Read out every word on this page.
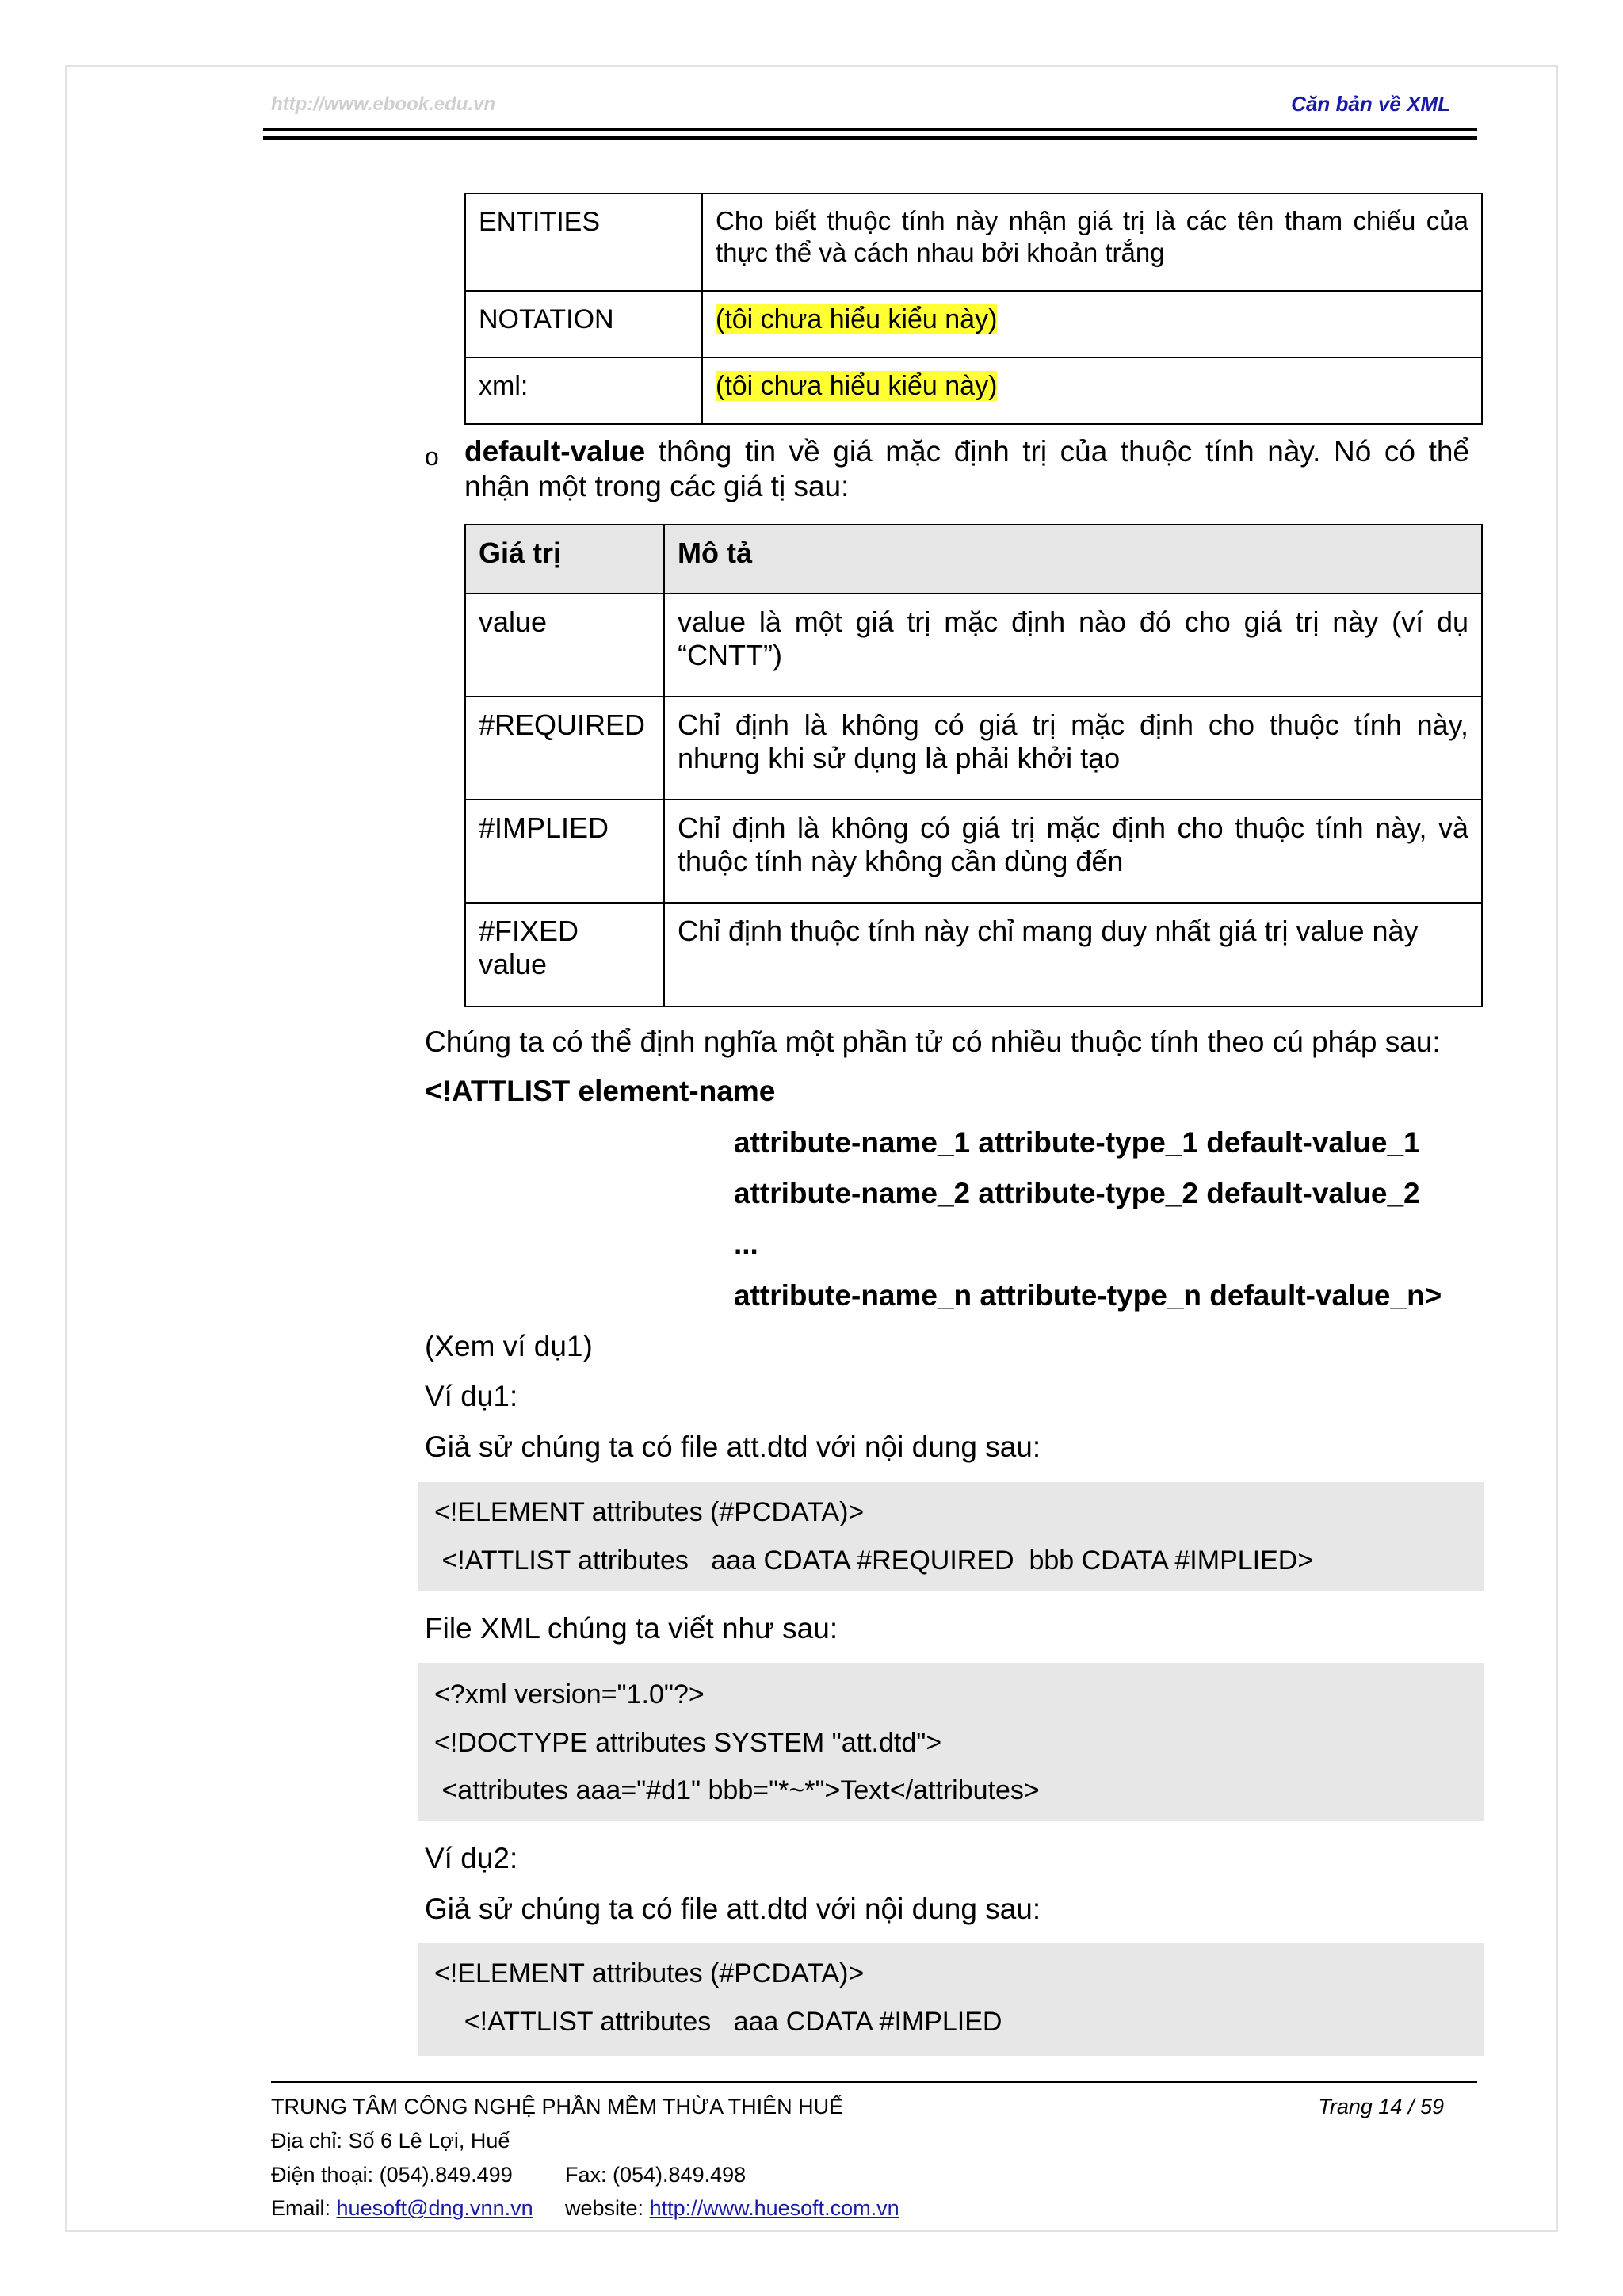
http://www.ebook.edu.vn	Căn bản về XML
ENTITIES	Cho biết thuộc tính này nhận giá trị là các tên tham chiếu của thực thể và cách nhau bởi khoản trắng
NOTATION	(tôi chưa hiểu kiểu này)
xml:	(tôi chưa hiểu kiểu này)
o default-value thông tin về giá mặc định trị của thuộc tính này. Nó có thể nhận một trong các giá tị sau:
Giá trị	Mô tả
value	value là một giá trị mặc định nào đó cho giá trị này (ví dụ “CNTT”)
#REQUIRED	Chỉ định là không có giá trị mặc định cho thuộc tính này, nhưng khi sử dụng là phải khởi tạo
#IMPLIED	Chỉ định là không có giá trị mặc định cho thuộc tính này, và thuộc tính này không cần dùng đến
#FIXED value	Chỉ định thuộc tính này chỉ mang duy nhất giá trị value này
Chúng ta có thể định nghĩa một phần tử có nhiều thuộc tính theo cú pháp sau:
<!ATTLIST element-name
attribute-name_1 attribute-type_1 default-value_1
attribute-name_2 attribute-type_2 default-value_2
...
attribute-name_n attribute-type_n default-value_n>
(Xem ví dụ1)
Ví dụ1:
Giả sử chúng ta có file att.dtd với nội dung sau:
<!ELEMENT attributes (#PCDATA)>
<!ATTLIST attributes   aaa CDATA #REQUIRED  bbb CDATA #IMPLIED>
File XML chúng ta viết như sau:
<?xml version="1.0"?>
<!DOCTYPE attributes SYSTEM "att.dtd">
<attributes aaa="#d1" bbb="*~*">Text</attributes>
Ví dụ2:
Giả sử chúng ta có file att.dtd với nội dung sau:
<!ELEMENT attributes (#PCDATA)>
<!ATTLIST attributes   aaa CDATA #IMPLIED
TRUNG TÂM CÔNG NGHỆ PHẦN MỀM THỪA THIÊN HUẾ	Trang 14 / 59
Địa chỉ: Số 6 Lê Lợi, Huế
Điện thoại: (054).849.499 Fax: (054).849.498
Email: huesoft@dng.vnn.vn website: http://www.huesoft.com.vn
